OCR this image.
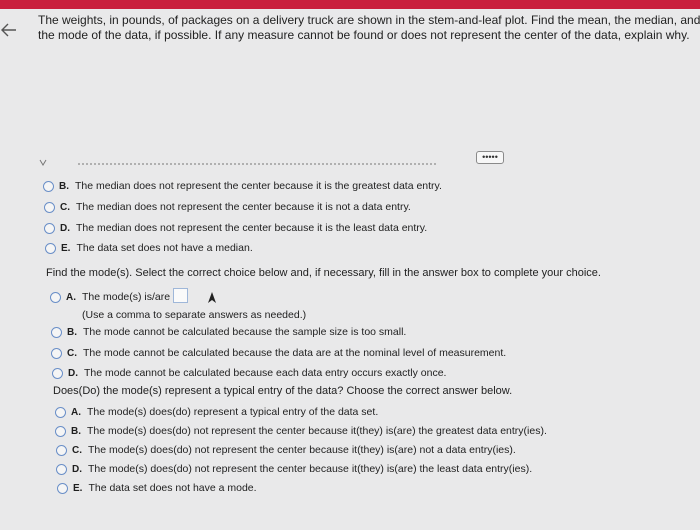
The weights, in pounds, of packages on a delivery truck are shown in the stem-and-leaf plot. Find the mean, the median, and the mode of the data, if possible. If any measure cannot be found or does not represent the center of the data, explain why.
•••••
B. The median does not represent the center because it is the greatest data entry.
C. The median does not represent the center because it is not a data entry.
D. The median does not represent the center because it is the least data entry.
E. The data set does not have a median.
Find the mode(s). Select the correct choice below and, if necessary, fill in the answer box to complete your choice.
A. The mode(s) is/are
(Use a comma to separate answers as needed.)
B. The mode cannot be calculated because the sample size is too small.
C. The mode cannot be calculated because the data are at the nominal level of measurement.
D. The mode cannot be calculated because each data entry occurs exactly once.
Does(Do) the mode(s) represent a typical entry of the data? Choose the correct answer below.
A. The mode(s) does(do) represent a typical entry of the data set.
B. The mode(s) does(do) not represent the center because it(they) is(are) the greatest data entry(ies).
C. The mode(s) does(do) not represent the center because it(they) is(are) not a data entry(ies).
D. The mode(s) does(do) not represent the center because it(they) is(are) the least data entry(ies).
E. The data set does not have a mode.
